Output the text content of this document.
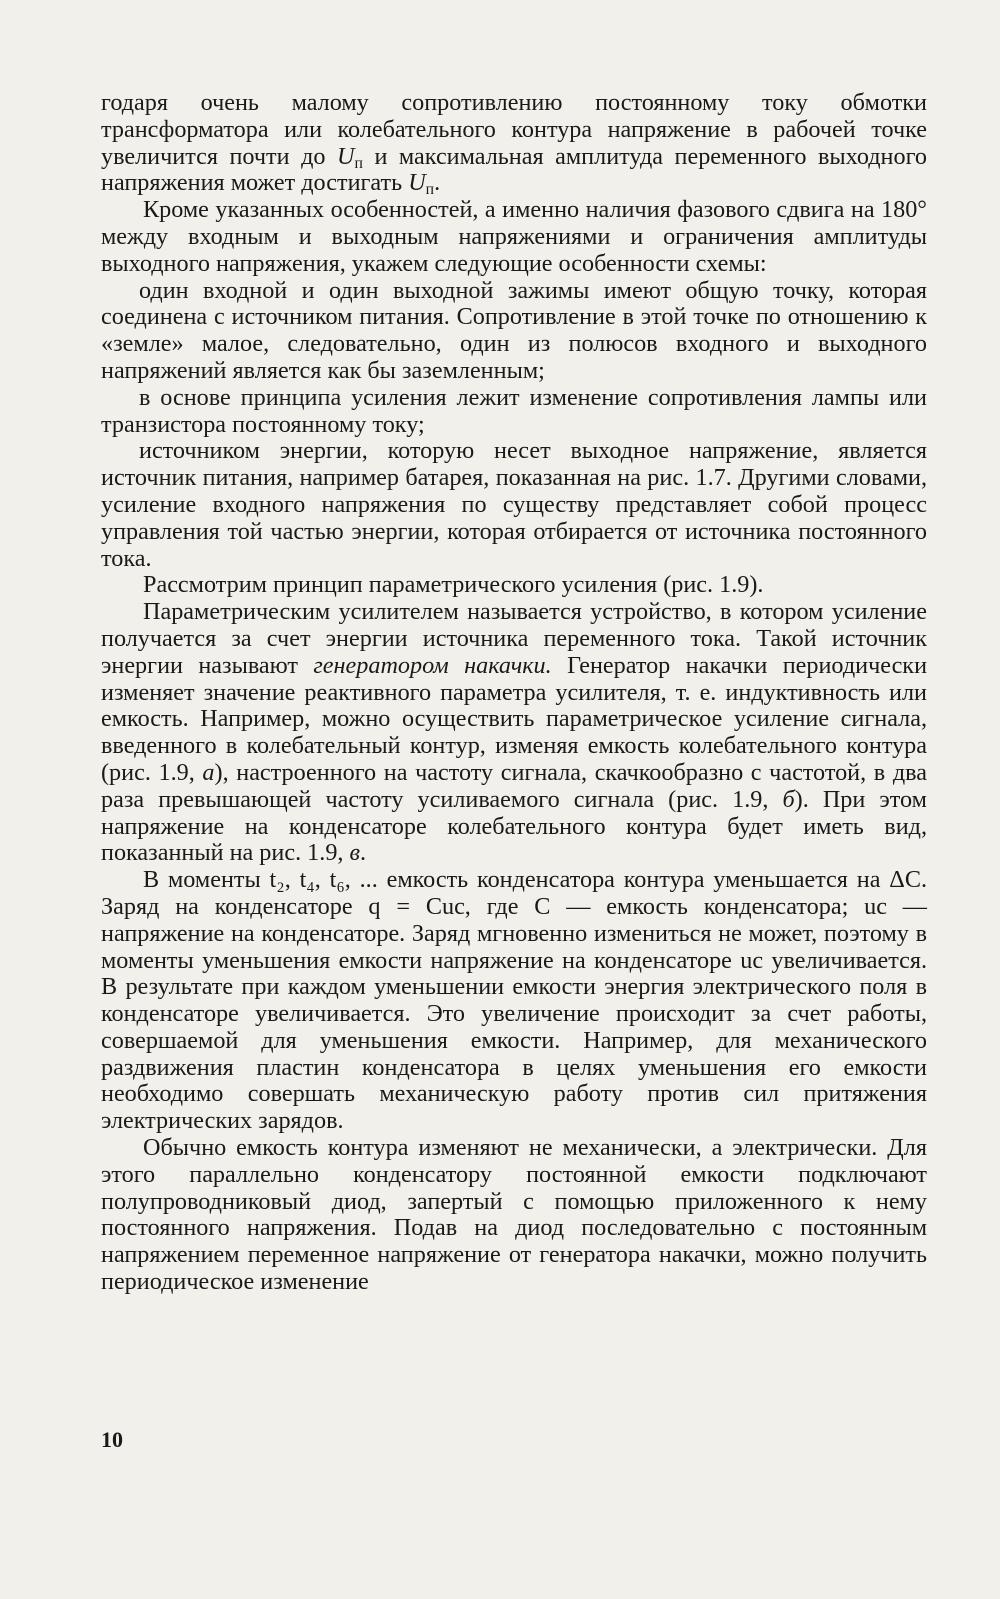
годаря очень малому сопротивлению постоянному току обмотки трансформатора или колебательного контура напряжение в рабочей точке увеличится почти до $U_п$ и максимальная амплитуда переменного выходного напряжения может достигать $U_п$.

Кроме указанных особенностей, а именно наличия фазового сдвига на 180° между входным и выходным напряжениями и ограничения амплитуды выходного напряжения, укажем следующие особенности схемы:

один входной и один выходной зажимы имеют общую точку, которая соединена с источником питания. Сопротивление в этой точке по отношению к «земле» малое, следовательно, один из полюсов входного и выходного напряжений является как бы заземленным;

в основе принципа усиления лежит изменение сопротивления лампы или транзистора постоянному току;

источником энергии, которую несет выходное напряжение, является источник питания, например батарея, показанная на рис. 1.7. Другими словами, усиление входного напряжения по существу представляет собой процесс управления той частью энергии, которая отбирается от источника постоянного тока.

Рассмотрим принцип параметрического усиления (рис. 1.9).

Параметрическим усилителем называется устройство, в котором усиление получается за счет энергии источника переменного тока. Такой источник энергии называют генератором накачки. Генератор накачки периодически изменяет значение реактивного параметра усилителя, т. е. индуктивность или емкость. Например, можно осуществить параметрическое усиление сигнала, введенного в колебательный контур, изменяя емкость колебательного контура (рис. 1.9, а), настроенного на частоту сигнала, скачкообразно с частотой, в два раза превышающей частоту усиливаемого сигнала (рис. 1.9, б). При этом напряжение на конденсаторе колебательного контура будет иметь вид, показанный на рис. 1.9, в.

В моменты t₂, t₄, t₆, ... емкость конденсатора контура уменьшается на ΔC. Заряд на конденсаторе q = Cuc, где C — емкость конденсатора; uc — напряжение на конденсаторе. Заряд мгновенно измениться не может, поэтому в моменты уменьшения емкости напряжение на конденсаторе uc увеличивается. В результате при каждом уменьшении емкости энергия электрического поля в конденсаторе увеличивается. Это увеличение происходит за счет работы, совершаемой для уменьшения емкости. Например, для механического раздвижения пластин конденсатора в целях уменьшения его емкости необходимо совершать механическую работу против сил притяжения электрических зарядов.

Обычно емкость контура изменяют не механически, а электрически. Для этого параллельно конденсатору постоянной емкости подключают полупроводниковый диод, запертый с помощью приложенного к нему постоянного напряжения. Подав на диод последовательно с постоянным напряжением переменное напряжение от генератора накачки, можно получить периодическое изменение

10
